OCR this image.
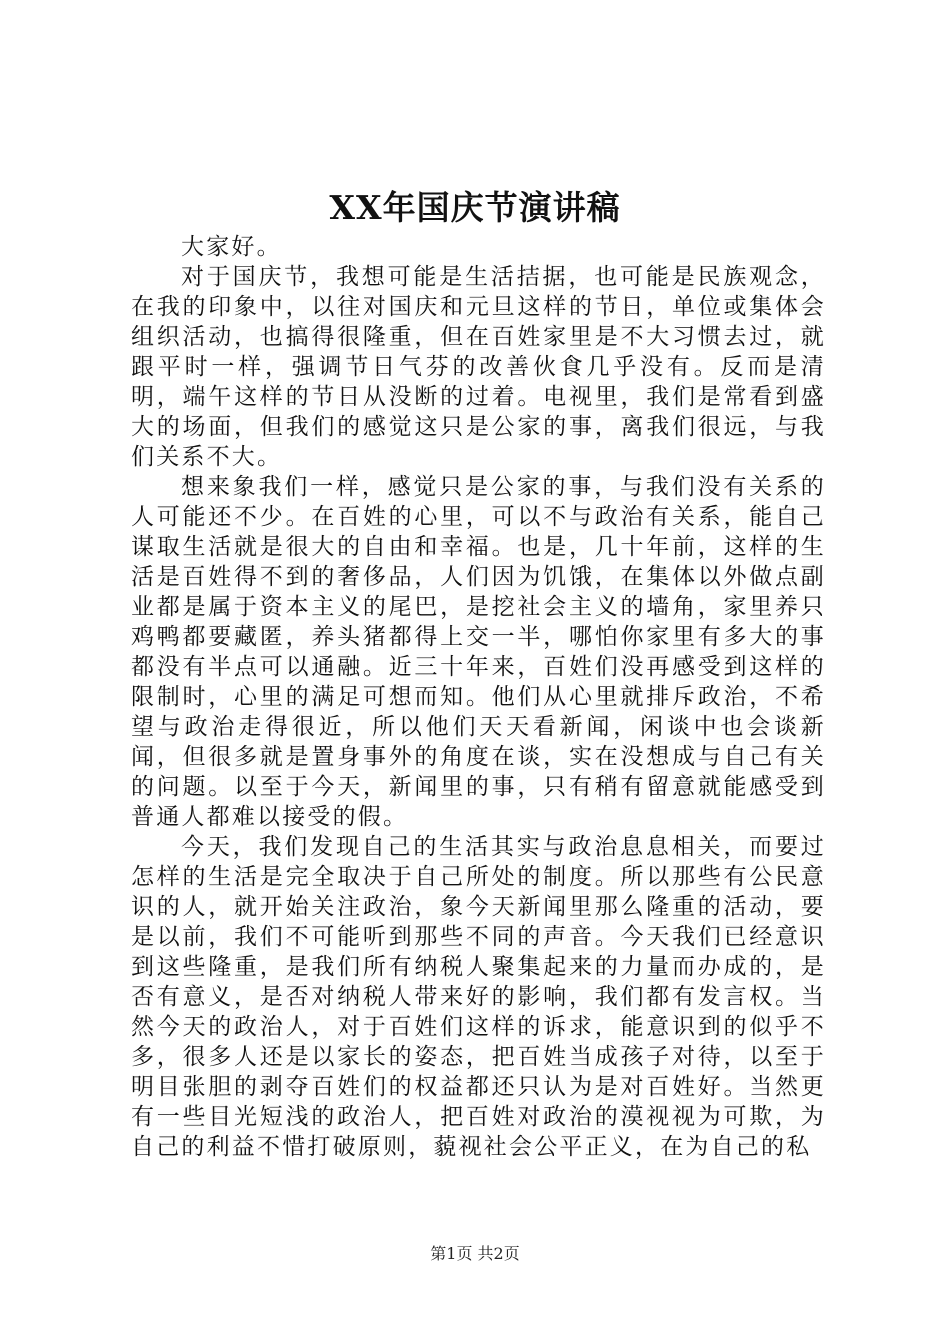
XX年国庆节演讲稿

大家好。

对于国庆节，我想可能是生活拮据，也可能是民族观念，在我的印象中，以往对国庆和元旦这样的节日，单位或集体会组织活动，也搞得很隆重，但在百姓家里是不大习惯去过，就跟平时一样，强调节日气芬的改善伙食几乎没有。反而是清明，端午这样的节日从没断的过着。电视里，我们是常看到盛大的场面，但我们的感觉这只是公家的事，离我们很远，与我们关系不大。

想来象我们一样，感觉只是公家的事，与我们没有关系的人可能还不少。在百姓的心里，可以不与政治有关系，能自己谋取生活就是很大的自由和幸福。也是，几十年前，这样的生活是百姓得不到的奢侈品，人们因为饥饿，在集体以外做点副业都是属于资本主义的尾巴，是挖社会主义的墙角，家里养只鸡鸭都要藏匿，养头猪都得上交一半，哪怕你家里有多大的事都没有半点可以通融。近三十年来，百姓们没再感受到这样的限制时，心里的满足可想而知。他们从心里就排斥政治，不希望与政治走得很近，所以他们天天看新闻，闲谈中也会谈新闻，但很多就是置身事外的角度在谈，实在没想成与自己有关的问题。以至于今天，新闻里的事，只有稍有留意就能感受到普通人都难以接受的假。

今天，我们发现自己的生活其实与政治息息相关，而要过怎样的生活是完全取决于自己所处的制度。所以那些有公民意识的人，就开始关注政治，象今天新闻里那么隆重的活动，要是以前，我们不可能听到那些不同的声音。今天我们已经意识到这些隆重，是我们所有纳税人聚集起来的力量而办成的，是否有意义，是否对纳税人带来好的影响，我们都有发言权。当然今天的政治人，对于百姓们这样的诉求，能意识到的似乎不多，很多人还是以家长的姿态，把百姓当成孩子对待，以至于明目张胆的剥夺百姓们的权益都还只认为是对百姓好。当然更有一些目光短浅的政治人，把百姓对政治的漠视视为可欺，为自己的利益不惜打破原则，藐视社会公平正义，在为自己的私

第1页 共2页
